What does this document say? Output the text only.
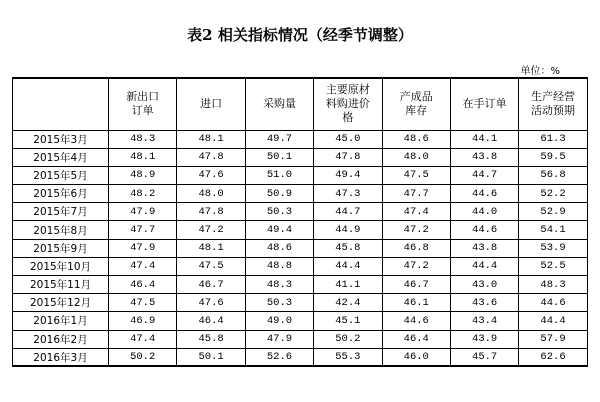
表2 相关指标情况（经季节调整）
单位：%
	新出口订单	进口	采购量	主要原材料购进价格	产成品库存	在手订单	生产经营活动预期
2015年3月	48.3	48.1	49.7	45.0	48.6	44.1	61.3
2015年4月	48.1	47.8	50.1	47.8	48.0	43.8	59.5
2015年5月	48.9	47.6	51.0	49.4	47.5	44.7	56.8
2015年6月	48.2	48.0	50.9	47.3	47.7	44.6	52.2
2015年7月	47.9	47.8	50.3	44.7	47.4	44.0	52.9
2015年8月	47.7	47.2	49.4	44.9	47.2	44.6	54.1
2015年9月	47.9	48.1	48.6	45.8	46.8	43.8	53.9
2015年10月	47.4	47.5	48.8	44.4	47.2	44.4	52.5
2015年11月	46.4	46.7	48.3	41.1	46.7	43.0	48.3
2015年12月	47.5	47.6	50.3	42.4	46.1	43.6	44.6
2016年1月	46.9	46.4	49.0	45.1	44.6	43.4	44.4
2016年2月	47.4	45.8	47.9	50.2	46.4	43.9	57.9
2016年3月	50.2	50.1	52.6	55.3	46.0	45.7	62.6
